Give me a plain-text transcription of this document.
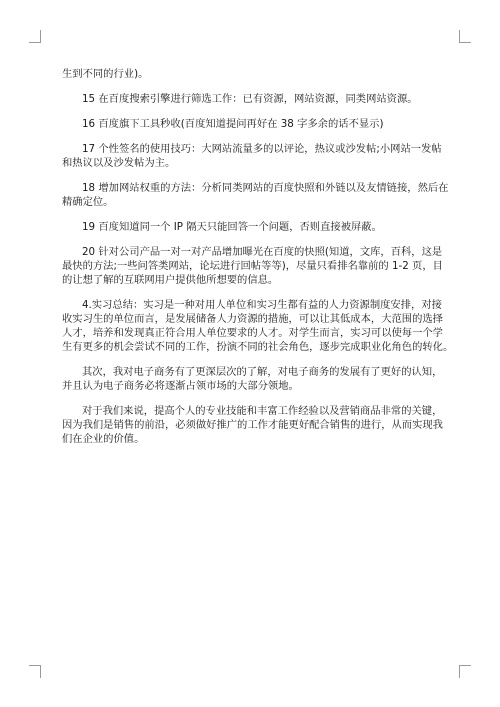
生到不同的行业)。
15 在百度搜索引擎进行筛选工作：已有资源，网站资源，同类网站资源。
16 百度旗下工具秒收(百度知道提问再好在 38 字多余的话不显示)
17 个性签名的使用技巧：大网站流量多的以评论，热议或沙发帖;小网站一发帖
和热议以及沙发帖为主。
18 增加网站权重的方法：分析同类网站的百度快照和外链以及友情链接，然后在
精确定位。
19 百度知道同一个 IP 隔天只能回答一个问题，否则直接被屏蔽。
20 针对公司产品一对一对产品增加曝光在百度的快照(知道，文库，百科，这是
最快的方法;一些问答类网站，论坛进行回帖等等)，尽量只看排名靠前的 1-2 页，目
的让想了解的互联网用户提供他所想要的信息。
4.实习总结：实习是一种对用人单位和实习生都有益的人力资源制度安排，对接
收实习生的单位而言，是发展储备人力资源的措施，可以让其低成本，大范围的选择
人才，培养和发现真正符合用人单位要求的人才。对学生而言，实习可以使每一个学
生有更多的机会尝试不同的工作，扮演不同的社会角色，逐步完成职业化角色的转化。
其次，我对电子商务有了更深层次的了解，对电子商务的发展有了更好的认知，
并且认为电子商务必将逐渐占领市场的大部分领地。
对于我们来说，提高个人的专业技能和丰富工作经验以及营销商品非常的关键，
因为我们是销售的前沿，必须做好推广的工作才能更好配合销售的进行，从而实现我
们在企业的价值。
